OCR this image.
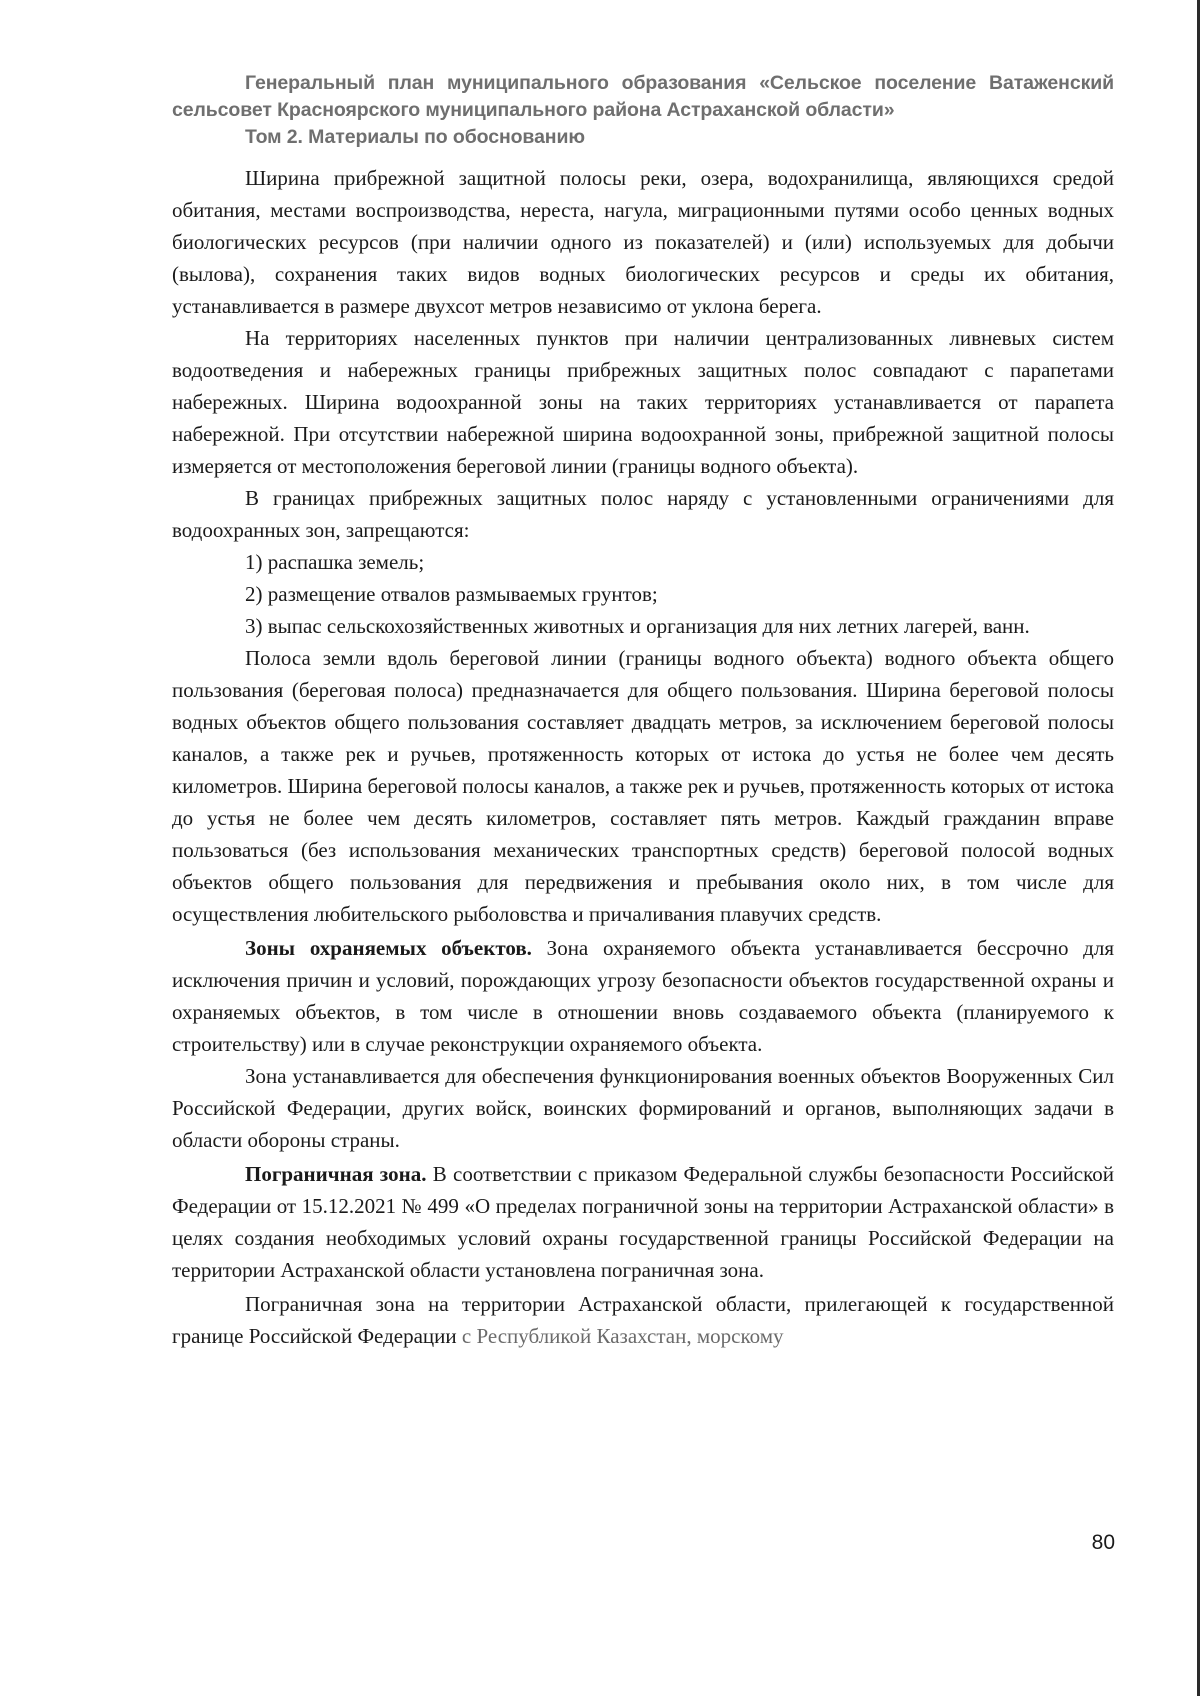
Генеральный план муниципального образования «Сельское поселение Ватаженский
сельсовет Красноярского муниципального района Астраханской области»
Том 2. Материалы по обоснованию

Ширина прибрежной защитной полосы реки, озера, водохранилища, являющихся средой обитания, местами воспроизводства, нереста, нагула, миграционными путями особо ценных водных биологических ресурсов (при наличии одного из показателей) и (или) используемых для добычи (вылова), сохранения таких видов водных биологических ресурсов и среды их обитания, устанавливается в размере двухсот метров независимо от уклона берега.

На территориях населенных пунктов при наличии централизованных ливневых систем водоотведения и набережных границы прибрежных защитных полос совпадают с парапетами набережных. Ширина водоохранной зоны на таких территориях устанавливается от парапета набережной. При отсутствии набережной ширина водоохранной зоны, прибрежной защитной полосы измеряется от местоположения береговой линии (границы водного объекта).

В границах прибрежных защитных полос наряду с установленными ограничениями для водоохранных зон, запрещаются:

1) распашка земель;

2) размещение отвалов размываемых грунтов;

3) выпас сельскохозяйственных животных и организация для них летних лагерей, ванн.

Полоса земли вдоль береговой линии (границы водного объекта) водного объекта общего пользования (береговая полоса) предназначается для общего пользования. Ширина береговой полосы водных объектов общего пользования составляет двадцать метров, за исключением береговой полосы каналов, а также рек и ручьев, протяженность которых от истока до устья не более чем десять километров. Ширина береговой полосы каналов, а также рек и ручьев, протяженность которых от истока до устья не более чем десять километров, составляет пять метров. Каждый гражданин вправе пользоваться (без использования механических транспортных средств) береговой полосой водных объектов общего пользования для передвижения и пребывания около них, в том числе для осуществления любительского рыболовства и причаливания плавучих средств.

Зоны охраняемых объектов. Зона охраняемого объекта устанавливается бессрочно для исключения причин и условий, порождающих угрозу безопасности объектов государственной охраны и охраняемых объектов, в том числе в отношении вновь создаваемого объекта (планируемого к строительству) или в случае реконструкции охраняемого объекта.

Зона устанавливается для обеспечения функционирования военных объектов Вооруженных Сил Российской Федерации, других войск, воинских формирований и органов, выполняющих задачи в области обороны страны.

Пограничная зона. В соответствии с приказом Федеральной службы безопасности Российской Федерации от 15.12.2021 № 499 «О пределах пограничной зоны на территории Астраханской области» в целях создания необходимых условий охраны государственной границы Российской Федерации на территории Астраханской области установлена пограничная зона.

Пограничная зона на территории Астраханской области, прилегающей к государственной границе Российской Федерации с Республикой Казахстан, морскому

80
